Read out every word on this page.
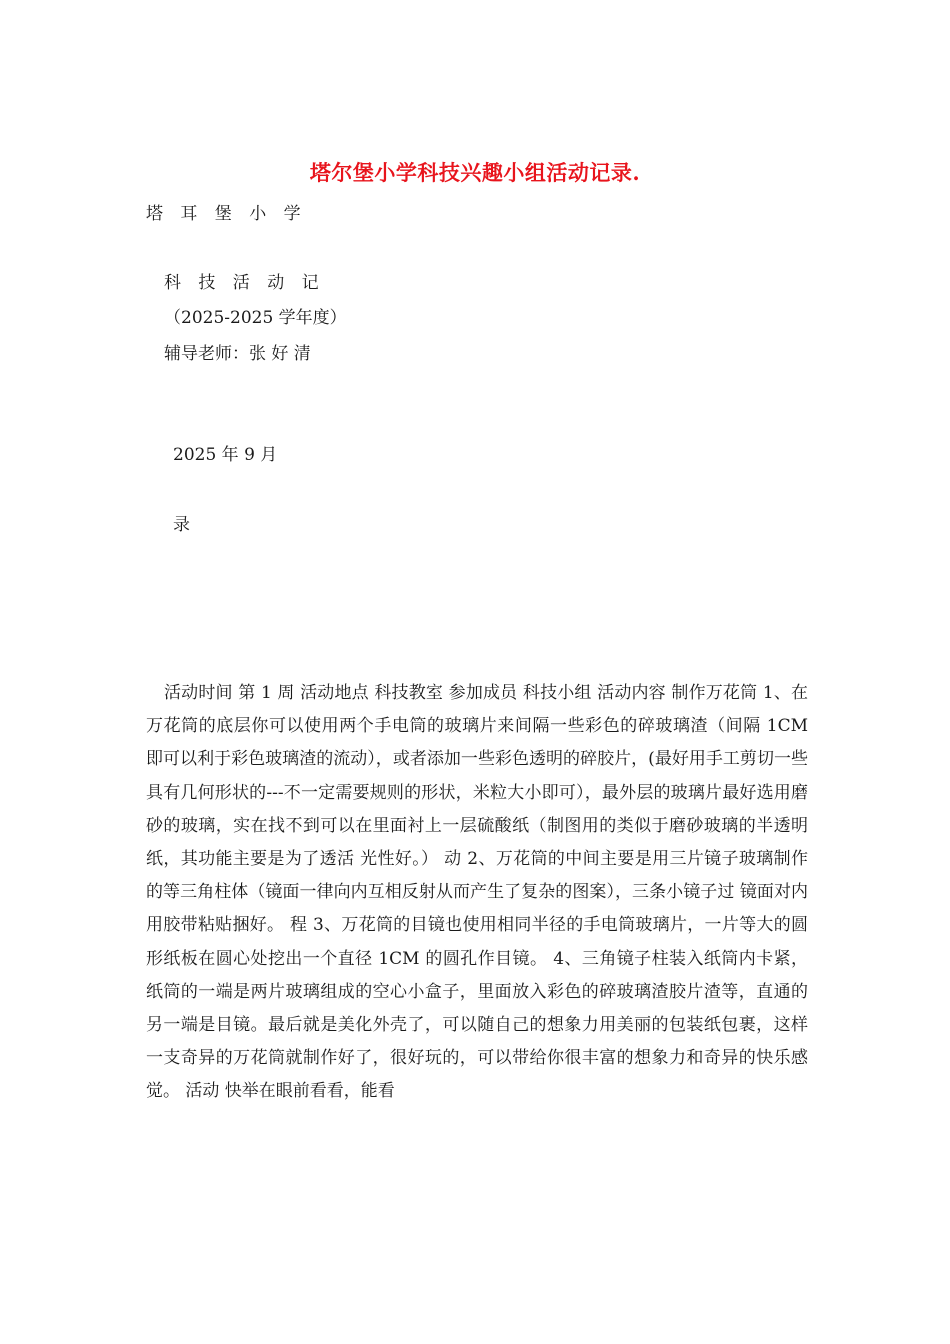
塔尔堡小学科技兴趣小组活动记录.
塔 耳 堡 小 学
科 技 活 动 记
（2025-2025 学年度）
辅导老师：张 好 清
2025 年 9 月
录

活动时间 第 1 周 活动地点 科技教室 参加成员 科技小组 活动内容 制作万花筒 1、在万花筒的底层你可以使用两个手电筒的玻璃片来间隔一些彩色的碎玻璃渣（间隔 1CM 即可以利于彩色玻璃渣的流动），或者添加一些彩色透明的碎胶片，(最好用手工剪切一些具有几何形状的---不一定需要规则的形状，米粒大小即可），最外层的玻璃片最好选用磨砂的玻璃，实在找不到可以在里面衬上一层硫酸纸（制图用的类似于磨砂玻璃的半透明纸，其功能主要是为了透活 光性好。） 动 2、万花筒的中间主要是用三片镜子玻璃制作的等三角柱体（镜面一律向内互相反射从而产生了复杂的图案），三条小镜子过 镜面对内用胶带粘贴捆好。 程 3、万花筒的目镜也使用相同半径的手电筒玻璃片，一片等大的圆形纸板在圆心处挖出一个直径 1CM 的圆孔作目镜。 4、三角镜子柱装入纸筒内卡紧， 纸筒的一端是两片玻璃组成的空心小盒子，里面放入彩色的碎玻璃渣胶片渣等，直通的另一端是目镜。最后就是美化外壳了，可以随自己的想象力用美丽的包装纸包裹，这样一支奇异的万花筒就制作好了，很好玩的，可以带给你很丰富的想象力和奇异的快乐感觉。 活动 快举在眼前看看，能看
